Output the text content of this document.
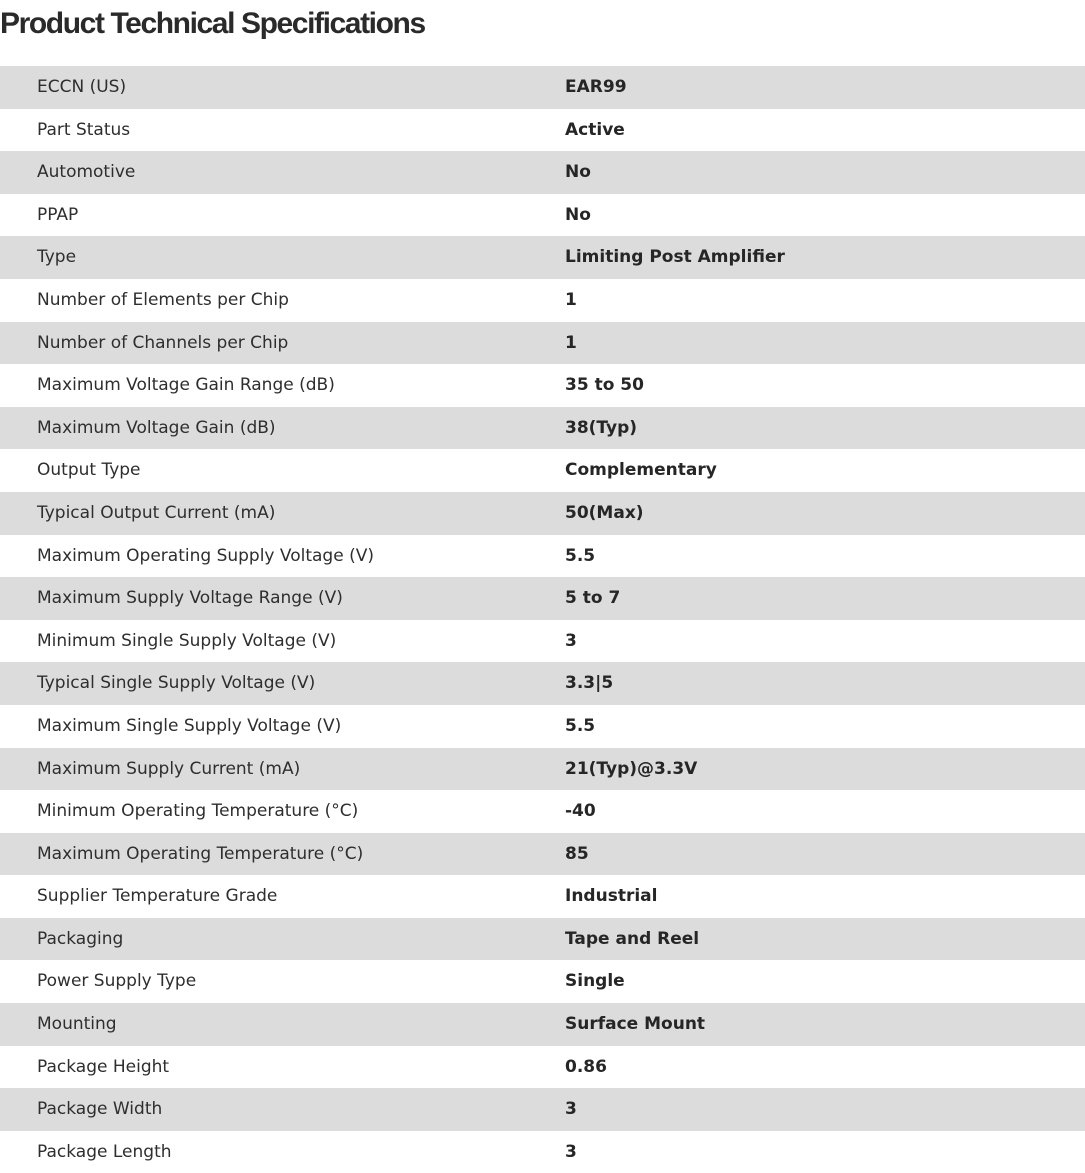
Product Technical Specifications
ECCN (US)	EAR99
Part Status	Active
Automotive	No
PPAP	No
Type	Limiting Post Amplifier
Number of Elements per Chip	1
Number of Channels per Chip	1
Maximum Voltage Gain Range (dB)	35 to 50
Maximum Voltage Gain (dB)	38(Typ)
Output Type	Complementary
Typical Output Current (mA)	50(Max)
Maximum Operating Supply Voltage (V)	5.5
Maximum Supply Voltage Range (V)	5 to 7
Minimum Single Supply Voltage (V)	3
Typical Single Supply Voltage (V)	3.3|5
Maximum Single Supply Voltage (V)	5.5
Maximum Supply Current (mA)	21(Typ)@3.3V
Minimum Operating Temperature (°C)	-40
Maximum Operating Temperature (°C)	85
Supplier Temperature Grade	Industrial
Packaging	Tape and Reel
Power Supply Type	Single
Mounting	Surface Mount
Package Height	0.86
Package Width	3
Package Length	3
